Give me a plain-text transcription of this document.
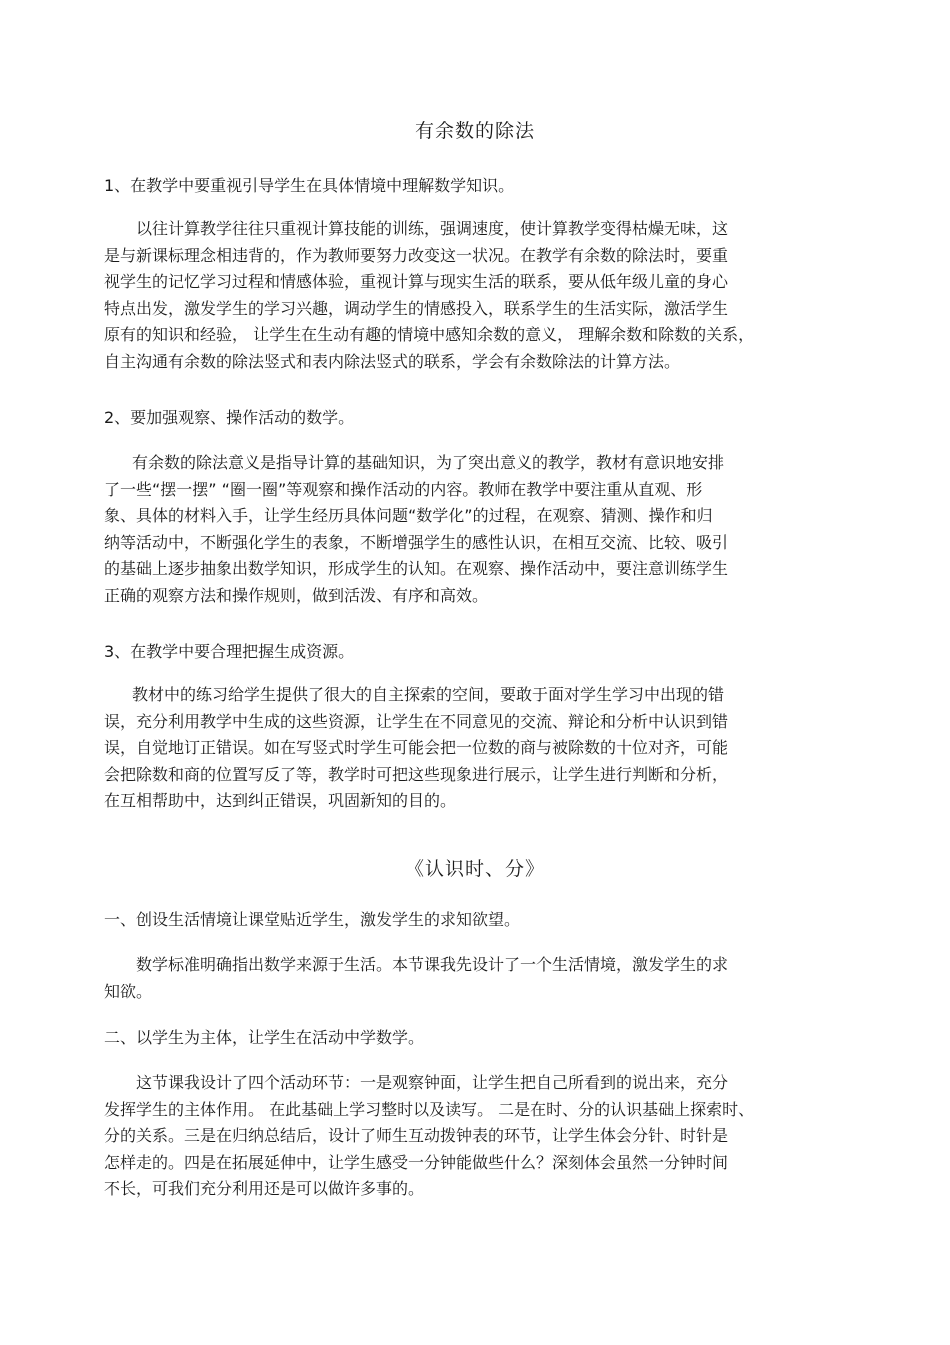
有余数的除法
1、在教学中要重视引导学生在具体情境中理解数学知识。
以往计算教学往往只重视计算技能的训练，强调速度，使计算教学变得枯燥无味，这
是与新课标理念相违背的，作为教师要努力改变这一状况。在教学有余数的除法时，要重
视学生的记忆学习过程和情感体验，重视计算与现实生活的联系，要从低年级儿童的身心
特点出发，激发学生的学习兴趣，调动学生的情感投入，联系学生的生活实际，激活学生
原有的知识和经验， 让学生在生动有趣的情境中感知余数的意义， 理解余数和除数的关系，
自主沟通有余数的除法竖式和表内除法竖式的联系，学会有余数除法的计算方法。
2、要加强观察、操作活动的数学。
有余数的除法意义是指导计算的基础知识，为了突出意义的教学，教材有意识地安排
了一些“摆一摆” “圈一圈”等观察和操作活动的内容。教师在教学中要注重从直观、形
象、具体的材料入手，让学生经历具体问题“数学化”的过程，在观察、猜测、操作和归
纳等活动中，不断强化学生的表象，不断增强学生的感性认识，在相互交流、比较、吸引
的基础上逐步抽象出数学知识，形成学生的认知。在观察、操作活动中，要注意训练学生
正确的观察方法和操作规则，做到活泼、有序和高效。
3、在教学中要合理把握生成资源。
教材中的练习给学生提供了很大的自主探索的空间，要敢于面对学生学习中出现的错
误，充分利用教学中生成的这些资源，让学生在不同意见的交流、辩论和分析中认识到错
误，自觉地订正错误。如在写竖式时学生可能会把一位数的商与被除数的十位对齐，可能
会把除数和商的位置写反了等，教学时可把这些现象进行展示，让学生进行判断和分析，
在互相帮助中，达到纠正错误，巩固新知的目的。
《认识时、分》
一、创设生活情境让课堂贴近学生，激发学生的求知欲望。
数学标准明确指出数学来源于生活。本节课我先设计了一个生活情境，激发学生的求
知欲。
二、以学生为主体，让学生在活动中学数学。
这节课我设计了四个活动环节：一是观察钟面，让学生把自己所看到的说出来，充分
发挥学生的主体作用。 在此基础上学习整时以及读写。 二是在时、分的认识基础上探索时、
分的关系。三是在归纳总结后，设计了师生互动拨钟表的环节，让学生体会分针、时针是
怎样走的。四是在拓展延伸中，让学生感受一分钟能做些什么？深刻体会虽然一分钟时间
不长，可我们充分利用还是可以做许多事的。
